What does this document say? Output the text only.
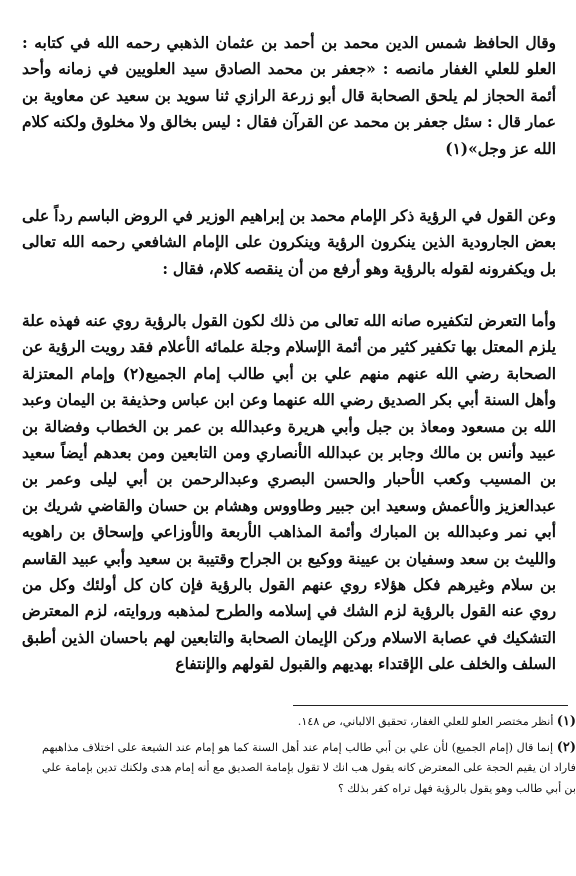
وقال الحافظ شمس الدين محمد بن أحمد بن عثمان الذهبي رحمه الله في كتابه : العلو للعلي الغفار مانصه : «جعفر بن محمد الصادق سيد العلويين في زمانه وأحد أئمة الحجاز لم يلحق الصحابة قال أبو زرعة الرازي ثنا سويد بن سعيد عن معاوية بن عمار قال : سئل جعفر بن محمد عن القرآن فقال : ليس بخالق ولا مخلوق ولكنه كلام الله عز وجل»(١)

وعن القول في الرؤية ذكر الإمام محمد بن إبراهيم الوزير في الروض الباسم رداً على بعض الجارودية الذين ينكرون الرؤية وينكرون على الإمام الشافعي رحمه الله تعالى بل ويكفرونه لقوله بالرؤية وهو أرفع من أن ينقصه كلام، فقال :

وأما التعرض لتكفيره صانه الله تعالى من ذلك لكون القول بالرؤية روي عنه فهذه علة يلزم المعتل بها تكفير كثير من أئمة الإسلام وجلة علمائه الأعلام فقد رويت الرؤية عن الصحابة رضي الله عنهم منهم علي بن أبي طالب إمام الجميع(٢) وإمام المعتزلة وأهل السنة أبي بكر الصديق رضي الله عنهما وعن ابن عباس وحذيفة بن اليمان وعبد الله بن مسعود ومعاذ بن جبل وأبي هريرة وعبدالله بن عمر بن الخطاب وفضالة بن عبيد وأنس بن مالك وجابر بن عبدالله الأنصاري ومن التابعين ومن بعدهم أيضاً سعيد بن المسيب وكعب الأحبار والحسن البصري وعبدالرحمن بن أبي ليلى وعمر بن عبدالعزيز والأعمش وسعيد ابن جبير وطاووس وهشام بن حسان والقاضي شريك بن أبي نمر وعبدالله بن المبارك وأئمة المذاهب الأربعة والأوزاعي وإسحاق بن راهويه والليث بن سعد وسفيان بن عيينة ووكيع بن الجراح وقتيبة بن سعيد وأبي عبيد القاسم بن سلام وغيرهم فكل هؤلاء روي عنهم القول بالرؤية فإن كان كل أولئك وكل من روي عنه القول بالرؤية لزم الشك في إسلامه والطرح لمذهبه وروايته، لزم المعترض التشكيك في عصابة الاسلام وركن الإيمان الصحابة والتابعين لهم باحسان الذين أطبق السلف والخلف على الإقتداء بهديهم والقبول لقولهم والإنتفاع

(١) أنظر مختصر العلو للعلي الغفار، تحقيق الالباني، ص ١٤٨.

(٢) إنما قال (إمام الجميع) لأن علي بن أبي طالب إمام عند أهل السنة كما هو إمام عند الشيعة على اختلاف مذاهبهم فاراد ان يقيم الحجة على المعترض كانه يقول هب انك لا تقول بإمامة الصديق مع أنه إمام هدى ولكنك تدين بإمامة علي بن أبي طالب وهو يقول بالرؤية فهل تراه كفر بذلك ؟
